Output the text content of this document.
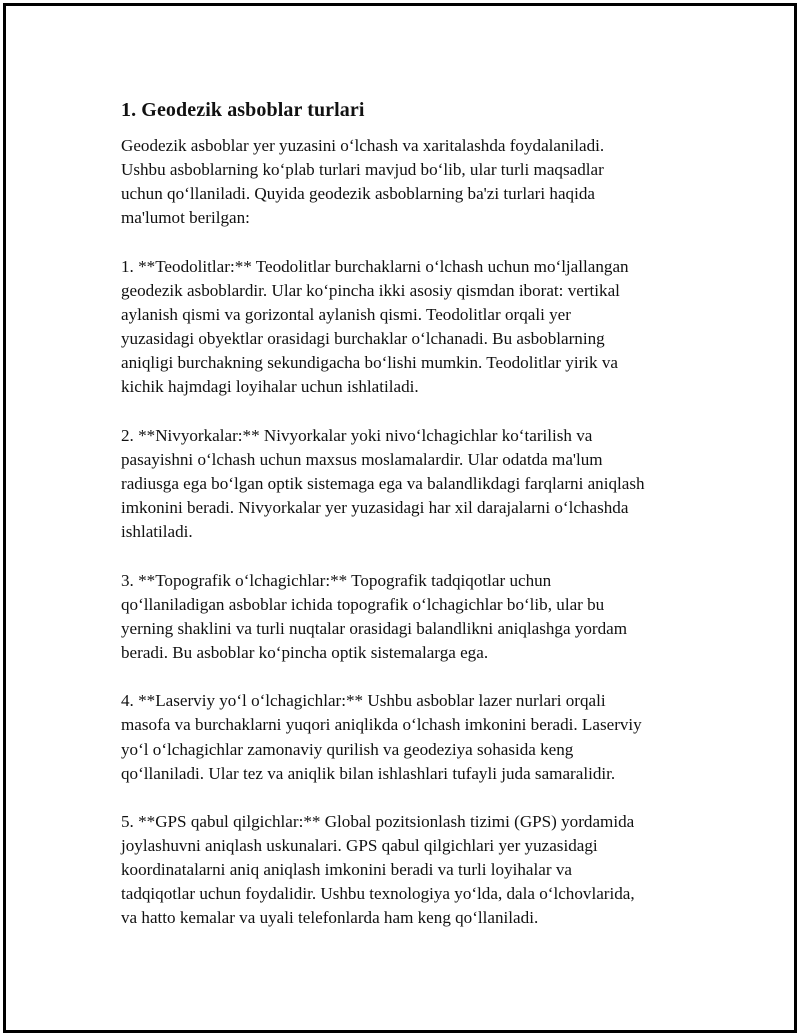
1. Geodezik asboblar turlari

Geodezik asboblar yer yuzasini o‘lchash va xaritalashda foydalaniladi.
Ushbu asboblarning ko‘plab turlari mavjud bo‘lib, ular turli maqsadlar
uchun qo‘llaniladi. Quyida geodezik asboblarning ba'zi turlari haqida
ma'lumot berilgan:

1. **Teodolitlar:** Teodolitlar burchaklarni o‘lchash uchun mo‘ljallangan
geodezik asboblardir. Ular ko‘pincha ikki asosiy qismdan iborat: vertikal
aylanish qismi va gorizontal aylanish qismi. Teodolitlar orqali yer
yuzasidagi obyektlar orasidagi burchaklar o‘lchanadi. Bu asboblarning
aniqligi burchakning sekundigacha bo‘lishi mumkin. Teodolitlar yirik va
kichik hajmdagi loyihalar uchun ishlatiladi.

2. **Nivyorkalar:** Nivyorkalar yoki nivo‘lchagichlar ko‘tarilish va
pasayishni o‘lchash uchun maxsus moslamalardir. Ular odatda ma'lum
radiusga ega bo‘lgan optik sistemaga ega va balandlikdagi farqlarni aniqlash
imkonini beradi. Nivyorkalar yer yuzasidagi har xil darajalarni o‘lchashda
ishlatiladi.

3. **Topografik o‘lchagichlar:** Topografik tadqiqotlar uchun
qo‘llaniladigan asboblar ichida topografik o‘lchagichlar bo‘lib, ular bu
yerning shaklini va turli nuqtalar orasidagi balandlikni aniqlashga yordam
beradi. Bu asboblar ko‘pincha optik sistemalarga ega.

4. **Laserviy yo‘l o‘lchagichlar:** Ushbu asboblar lazer nurlari orqali
masofa va burchaklarni yuqori aniqlikda o‘lchash imkonini beradi. Laserviy
yo‘l o‘lchagichlar zamonaviy qurilish va geodeziya sohasida keng
qo‘llaniladi. Ular tez va aniqlik bilan ishlashlari tufayli juda samaralidir.

5. **GPS qabul qilgichlar:** Global pozitsionlash tizimi (GPS) yordamida
joylashuvni aniqlash uskunalari. GPS qabul qilgichlari yer yuzasidagi
koordinatalarni aniq aniqlash imkonini beradi va turli loyihalar va
tadqiqotlar uchun foydalidir. Ushbu texnologiya yo‘lda, dala o‘lchovlarida,
va hatto kemalar va uyali telefonlarda ham keng qo‘llaniladi.
